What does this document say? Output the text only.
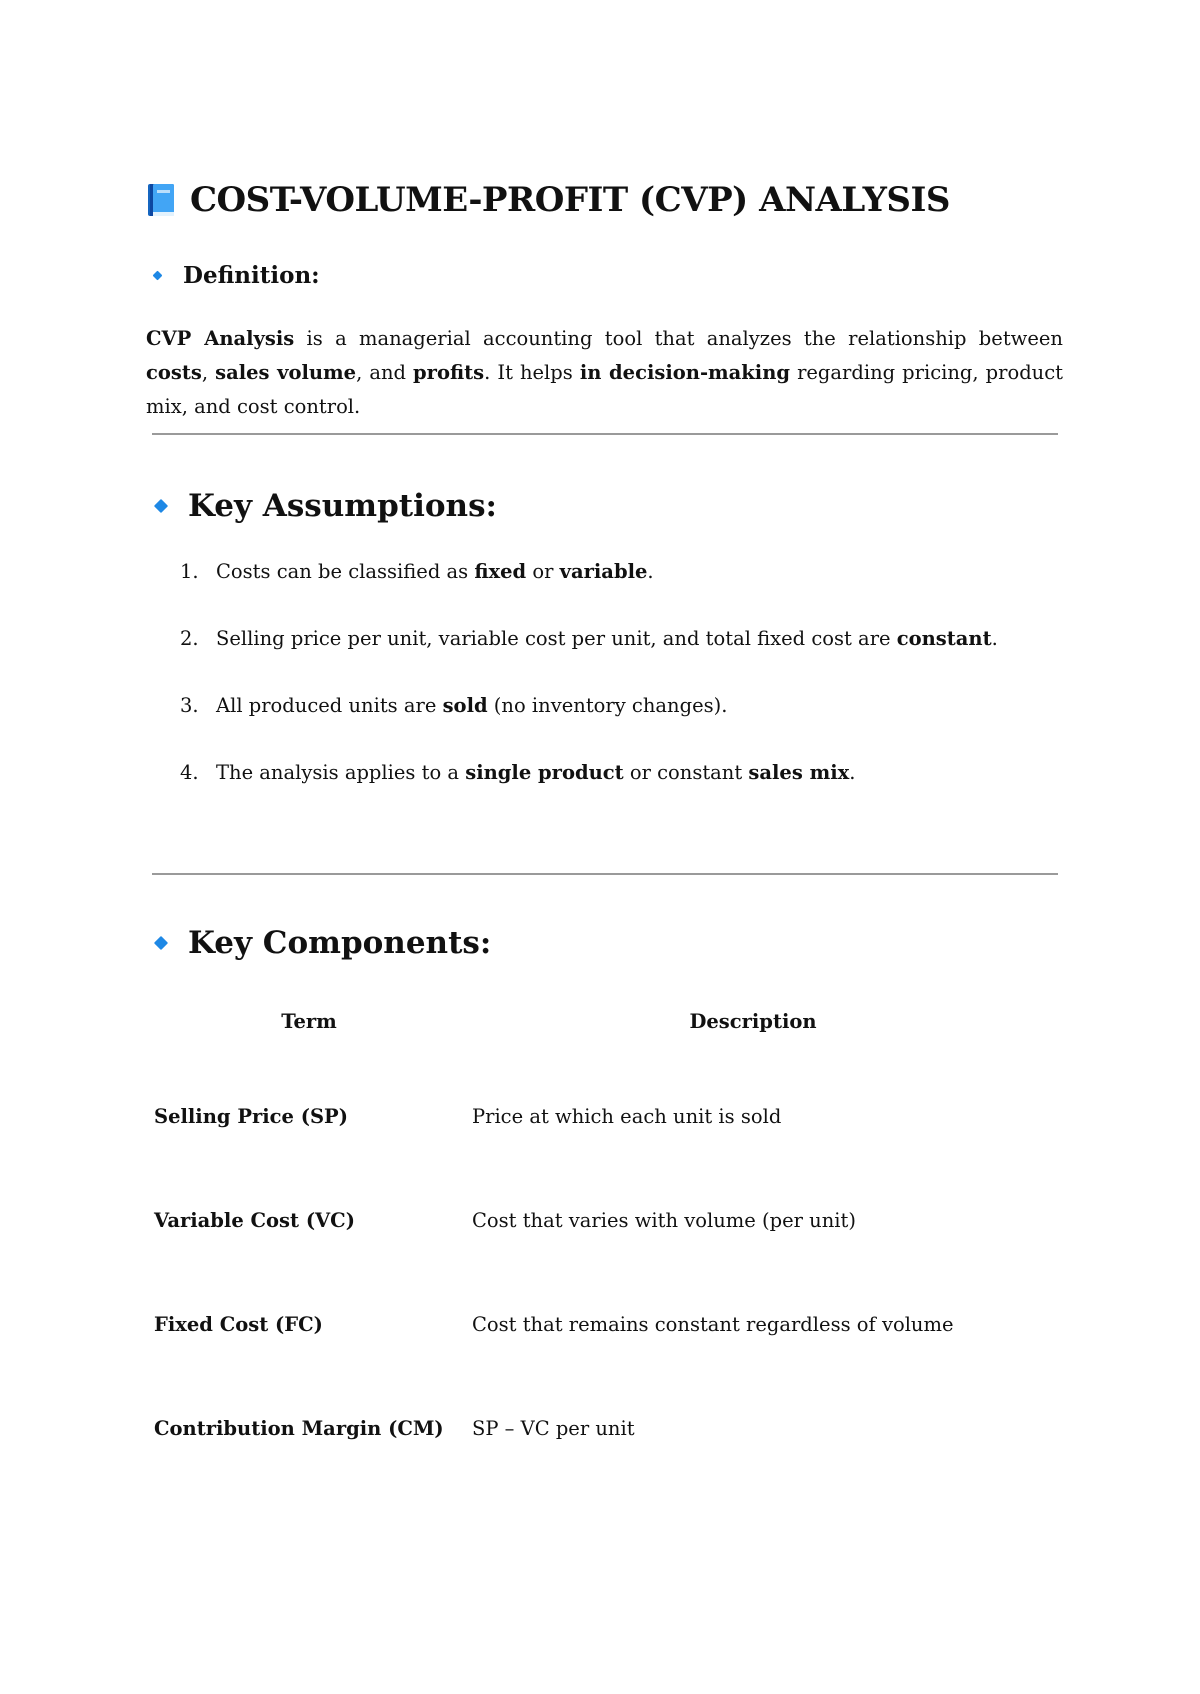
COST-VOLUME-PROFIT (CVP) ANALYSIS
Definition:

CVP Analysis is a managerial accounting tool that analyzes the relationship between costs, sales volume, and profits. It helps in decision-making regarding pricing, product mix, and cost control.

Key Assumptions:
1. Costs can be classified as fixed or variable.
2. Selling price per unit, variable cost per unit, and total fixed cost are constant.
3. All produced units are sold (no inventory changes).
4. The analysis applies to a single product or constant sales mix.
Key Components:
Term	Description
Selling Price (SP)	Price at which each unit is sold
Variable Cost (VC)	Cost that varies with volume (per unit)
Fixed Cost (FC)	Cost that remains constant regardless of volume
Contribution Margin (CM)	SP – VC per unit
